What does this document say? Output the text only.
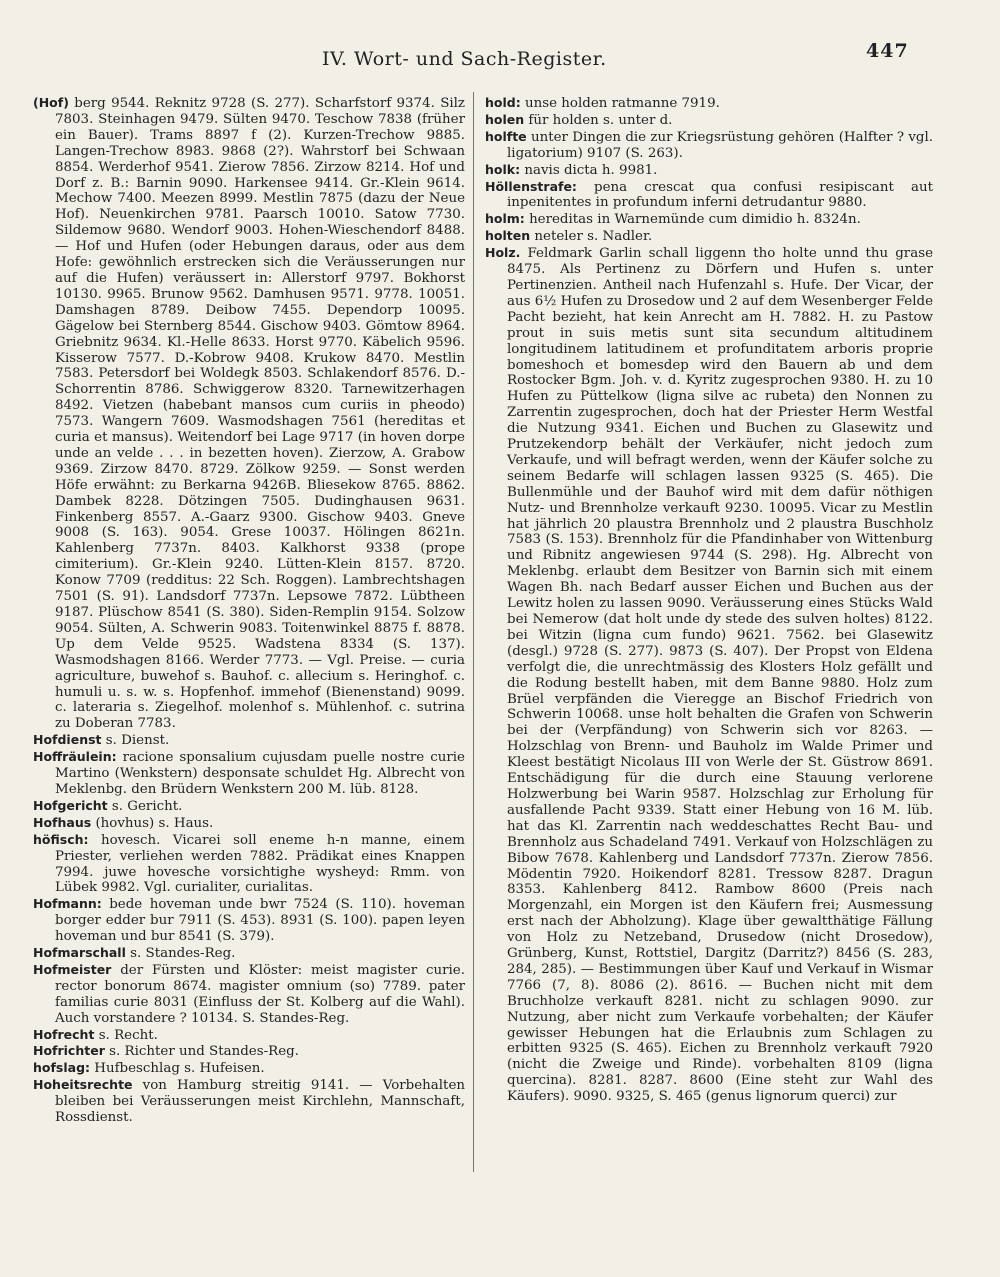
IV. Wort- und Sach-Register.	447

(Hof) berg 9544. Reknitz 9728 (S. 277). Scharfstorf 9374. Silz 7803. Steinhagen 9479. Sülten 9470. Teschow 7838 (früher ein Bauer). Trams 8897 f (2). Kurzen-Trechow 9885. Langen-Trechow 8983. 9868 (2?). Wahrstorf bei Schwaan 8854. Werderhof 9541. Zierow 7856. Zirzow 8214. Hof und Dorf z. B.: Barnin 9090. Harkensee 9414. Gr.-Klein 9614. Mechow 7400. Meezen 8999. Mestlin 7875 (dazu der Neue Hof). Neuenkirchen 9781. Paarsch 10010. Satow 7730. Sildemow 9680. Wendorf 9003. Hohen-Wieschendorf 8488. — Hof und Hufen (oder Hebungen daraus, oder aus dem Hofe: gewöhnlich erstrecken sich die Veräusserungen nur auf die Hufen) veräussert in: Allerstorf 9797. Bokhorst 10130. 9965. Brunow 9562. Damhusen 9571. 9778. 10051. Damshagen 8789. Deibow 7455. Dependorp 10095. Gägelow bei Sternberg 8544. Gischow 9403. Gömtow 8964. Griebnitz 9634. Kl.-Helle 8633. Horst 9770. Käbelich 9596. Kisserow 7577. D.-Kobrow 9408. Krukow 8470. Mestlin 7583. Petersdorf bei Woldegk 8503. Schlakendorf 8576. D.-Schorrentin 8786. Schwiggerow 8320. Tarnewitzerhagen 8492. Vietzen (habebant mansos cum curiis in pheodo) 7573. Wangern 7609. Wasmodshagen 7561 (hereditas et curia et mansus). Weitendorf bei Lage 9717 (in hoven dorpe unde an velde . . . in bezetten hoven). Zierzow, A. Grabow 9369. Zirzow 8470. 8729. Zölkow 9259. — Sonst werden Höfe erwähnt: zu Berkarna 9426B. Bliesekow 8765. 8862. Dambek 8228. Dötzingen 7505. Dudinghausen 9631. Finkenberg 8557. A.-Gaarz 9300. Gischow 9403. Gneve 9008 (S. 163). 9054. Grese 10037. Hölingen 8621n. Kahlenberg 7737n. 8403. Kalkhorst 9338 (prope cimiterium). Gr.-Klein 9240. Lütten-Klein 8157. 8720. Konow 7709 (redditus: 22 Sch. Roggen). Lambrechtshagen 7501 (S. 91). Landsdorf 7737n. Lepsowe 7872. Lübtheen 9187. Plüschow 8541 (S. 380). Siden-Remplin 9154. Solzow 9054. Sülten, A. Schwerin 9083. Toitenwinkel 8875 f. 8878. Up dem Velde 9525. Wadstena 8334 (S. 137). Wasmodshagen 8166. Werder 7773. — Vgl. Preise. — curia agriculture, buwehof s. Bauhof. c. allecium s. Heringhof. c. humuli u. s. w. s. Hopfenhof. immehof (Bienenstand) 9099. c. lateraria s. Ziegelhof. molenhof s. Mühlenhof. c. sutrina zu Doberan 7783.

Hofdienst s. Dienst.

Hoffräulein: racione sponsalium cujusdam puelle nostre curie Martino (Wenkstern) desponsate schuldet Hg. Albrecht von Meklenbg. den Brüdern Wenkstern 200 M. lüb. 8128.

Hofgericht s. Gericht.

Hofhaus (hovhus) s. Haus.

höfisch: hovesch. Vicarei soll eneme h-n manne, einem Priester, verliehen werden 7882. Prädikat eines Knappen 7994. juwe hovesche vorsichtighe wysheyd: Rmm. von Lübek 9982. Vgl. curialiter, curialitas.

Hofmann: bede hoveman unde bwr 7524 (S. 110). hoveman borger edder bur 7911 (S. 453). 8931 (S. 100). papen leyen hoveman und bur 8541 (S. 379).

Hofmarschall s. Standes-Reg.

Hofmeister der Fürsten und Klöster: meist magister curie. rector bonorum 8674. magister omnium (so) 7789. pater familias curie 8031 (Einfluss der St. Kolberg auf die Wahl). Auch vorstandere ? 10134. S. Standes-Reg.

Hofrecht s. Recht.

Hofrichter s. Richter und Standes-Reg.

hofslag: Hufbeschlag s. Hufeisen.

Hoheitsrechte von Hamburg streitig 9141. — Vorbehalten bleiben bei Veräusserungen meist Kirchlehn, Mannschaft, Rossdienst.

hold: unse holden ratmanne 7919.

holen für holden s. unter d.

holfte unter Dingen die zur Kriegsrüstung gehören (Halfter ? vgl. ligatorium) 9107 (S. 263).

holk: navis dicta h. 9981.

Höllenstrafe: pena crescat qua confusi resipiscant aut inpenitentes in profundum inferni detrudantur 9880.

holm: hereditas in Warnemünde cum dimidio h. 8324n.

holten neteler s. Nadler.

Holz. Feldmark Garlin schall liggenn tho holte unnd thu grase 8475. Als Pertinenz zu Dörfern und Hufen s. unter Pertinenzien. Antheil nach Hufenzahl s. Hufe. Der Vicar, der aus 6½ Hufen zu Drosedow und 2 auf dem Wesenberger Felde Pacht bezieht, hat kein Anrecht am H. 7882. H. zu Pastow prout in suis metis sunt sita secundum altitudinem longitudinem latitudinem et profunditatem arboris proprie bomeshoch et bomesdep wird den Bauern ab und dem Rostocker Bgm. Joh. v. d. Kyritz zugesprochen 9380. H. zu 10 Hufen zu Püttelkow (ligna silve ac rubeta) den Nonnen zu Zarrentin zugesprochen, doch hat der Priester Herm Westfal die Nutzung 9341. Eichen und Buchen zu Glasewitz und Prutzekendorp behält der Verkäufer, nicht jedoch zum Verkaufe, und will befragt werden, wenn der Käufer solche zu seinem Bedarfe will schlagen lassen 9325 (S. 465). Die Bullenmühle und der Bauhof wird mit dem dafür nöthigen Nutz- und Brennholze verkauft 9230. 10095. Vicar zu Mestlin hat jährlich 20 plaustra Brennholz und 2 plaustra Buschholz 7583 (S. 153). Brennholz für die Pfandinhaber von Wittenburg und Ribnitz angewiesen 9744 (S. 298). Hg. Albrecht von Meklenbg. erlaubt dem Besitzer von Barnin sich mit einem Wagen Bh. nach Bedarf ausser Eichen und Buchen aus der Lewitz holen zu lassen 9090. Veräusserung eines Stücks Wald bei Nemerow (dat holt unde dy stede des sulven holtes) 8122. bei Witzin (ligna cum fundo) 9621. 7562. bei Glasewitz (desgl.) 9728 (S. 277). 9873 (S. 407). Der Propst von Eldena verfolgt die, die unrechtmässig des Klosters Holz gefällt und die Rodung bestellt haben, mit dem Banne 9880. Holz zum Brüel verpfänden die Vieregge an Bischof Friedrich von Schwerin 10068. unse holt behalten die Grafen von Schwerin bei der (Verpfändung) von Schwerin sich vor 8263. — Holzschlag von Brenn- und Bauholz im Walde Primer und Kleest bestätigt Nicolaus III von Werle der St. Güstrow 8691. Entschädigung für die durch eine Stauung verlorene Holzwerbung bei Warin 9587. Holzschlag zur Erholung für ausfallende Pacht 9339. Statt einer Hebung von 16 M. lüb. hat das Kl. Zarrentin nach weddeschattes Recht Bau- und Brennholz aus Schadeland 7491. Verkauf von Holzschlägen zu Bibow 7678. Kahlenberg und Landsdorf 7737n. Zierow 7856. Mödentin 7920. Hoikendorf 8281. Tressow 8287. Dragun 8353. Kahlenberg 8412. Rambow 8600 (Preis nach Morgenzahl, ein Morgen ist den Käufern frei; Ausmessung erst nach der Abholzung). Klage über gewaltthätige Fällung von Holz zu Netzeband, Drusedow (nicht Drosedow), Grünberg, Kunst, Rottstiel, Dargitz (Darritz?) 8456 (S. 283, 284, 285). — Bestimmungen über Kauf und Verkauf in Wismar 7766 (7, 8). 8086 (2). 8616. — Buchen nicht mit dem Bruchholze verkauft 8281. nicht zu schlagen 9090. zur Nutzung, aber nicht zum Verkaufe vorbehalten; der Käufer gewisser Hebungen hat die Erlaubnis zum Schlagen zu erbitten 9325 (S. 465). Eichen zu Brennholz verkauft 7920 (nicht die Zweige und Rinde). vorbehalten 8109 (ligna quercina). 8281. 8287. 8600 (Eine steht zur Wahl des Käufers). 9090. 9325, S. 465 (genus lignorum querci) zur
